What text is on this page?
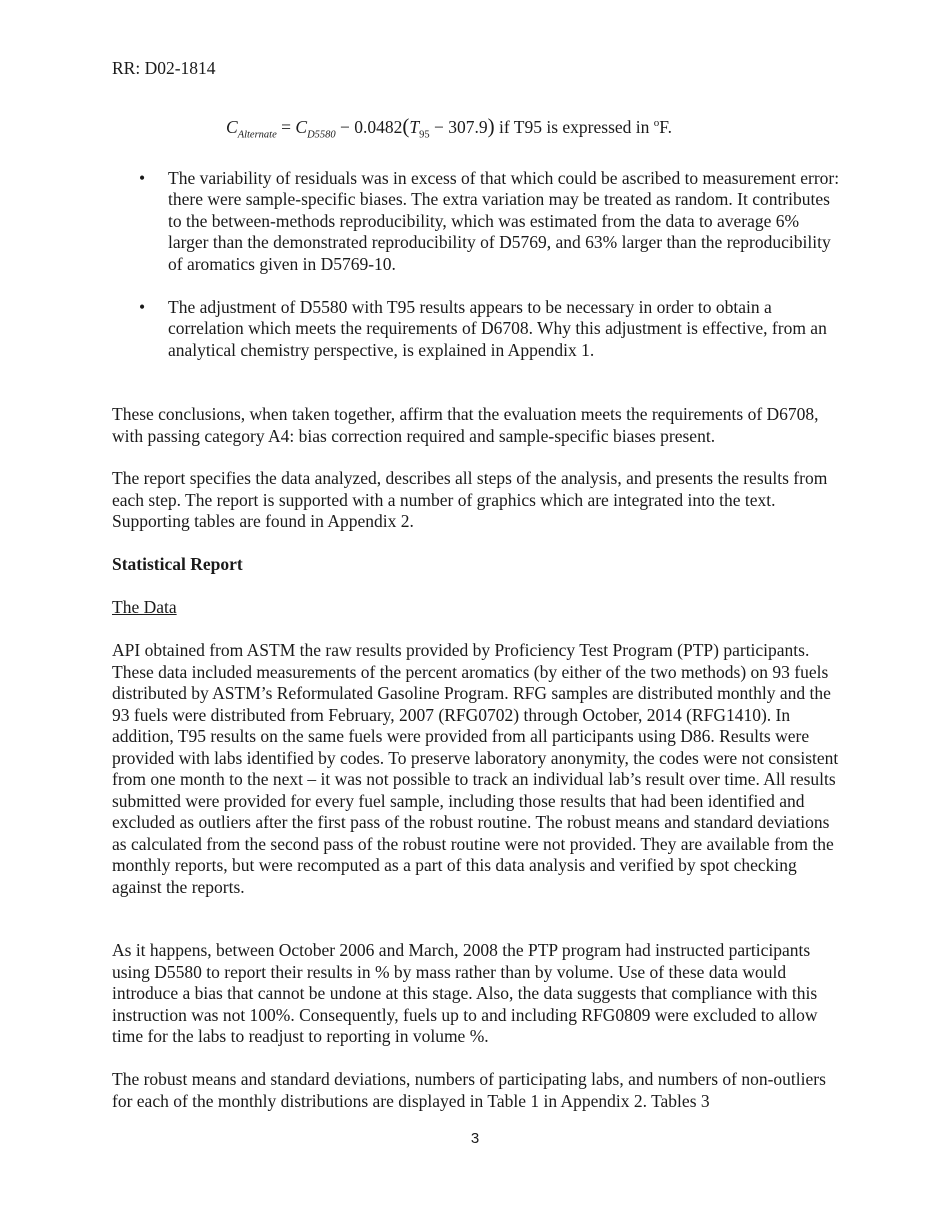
RR: D02-1814
$C_{Alternate} = C_{D5580} - 0.0482(T_{95} - 307.9)$ if T95 is expressed in $^o$F.
• The variability of residuals was in excess of that which could be ascribed to measurement error: there were sample-specific biases. The extra variation may be treated as random. It contributes to the between-methods reproducibility, which was estimated from the data to average 6% larger than the demonstrated reproducibility of D5769, and 63% larger than the reproducibility of aromatics given in D5769-10.
• The adjustment of D5580 with T95 results appears to be necessary in order to obtain a correlation which meets the requirements of D6708. Why this adjustment is effective, from an analytical chemistry perspective, is explained in Appendix 1.

These conclusions, when taken together, affirm that the evaluation meets the requirements of D6708, with passing category A4: bias correction required and sample-specific biases present.

The report specifies the data analyzed, describes all steps of the analysis, and presents the results from each step. The report is supported with a number of graphics which are integrated into the text. Supporting tables are found in Appendix 2.

Statistical Report

The Data

API obtained from ASTM the raw results provided by Proficiency Test Program (PTP) participants. These data included measurements of the percent aromatics (by either of the two methods) on 93 fuels distributed by ASTM’s Reformulated Gasoline Program. RFG samples are distributed monthly and the 93 fuels were distributed from February, 2007 (RFG0702) through October, 2014 (RFG1410). In addition, T95 results on the same fuels were provided from all participants using D86. Results were provided with labs identified by codes. To preserve laboratory anonymity, the codes were not consistent from one month to the next – it was not possible to track an individual lab’s result over time. All results submitted were provided for every fuel sample, including those results that had been identified and excluded as outliers after the first pass of the robust routine. The robust means and standard deviations as calculated from the second pass of the robust routine were not provided. They are available from the monthly reports, but were recomputed as a part of this data analysis and verified by spot checking against the reports.

As it happens, between October 2006 and March, 2008 the PTP program had instructed participants using D5580 to report their results in % by mass rather than by volume. Use of these data would introduce a bias that cannot be undone at this stage. Also, the data suggests that compliance with this instruction was not 100%. Consequently, fuels up to and including RFG0809 were excluded to allow time for the labs to readjust to reporting in volume %.

The robust means and standard deviations, numbers of participating labs, and numbers of non-outliers for each of the monthly distributions are displayed in Table 1 in Appendix 2. Tables 3

3
